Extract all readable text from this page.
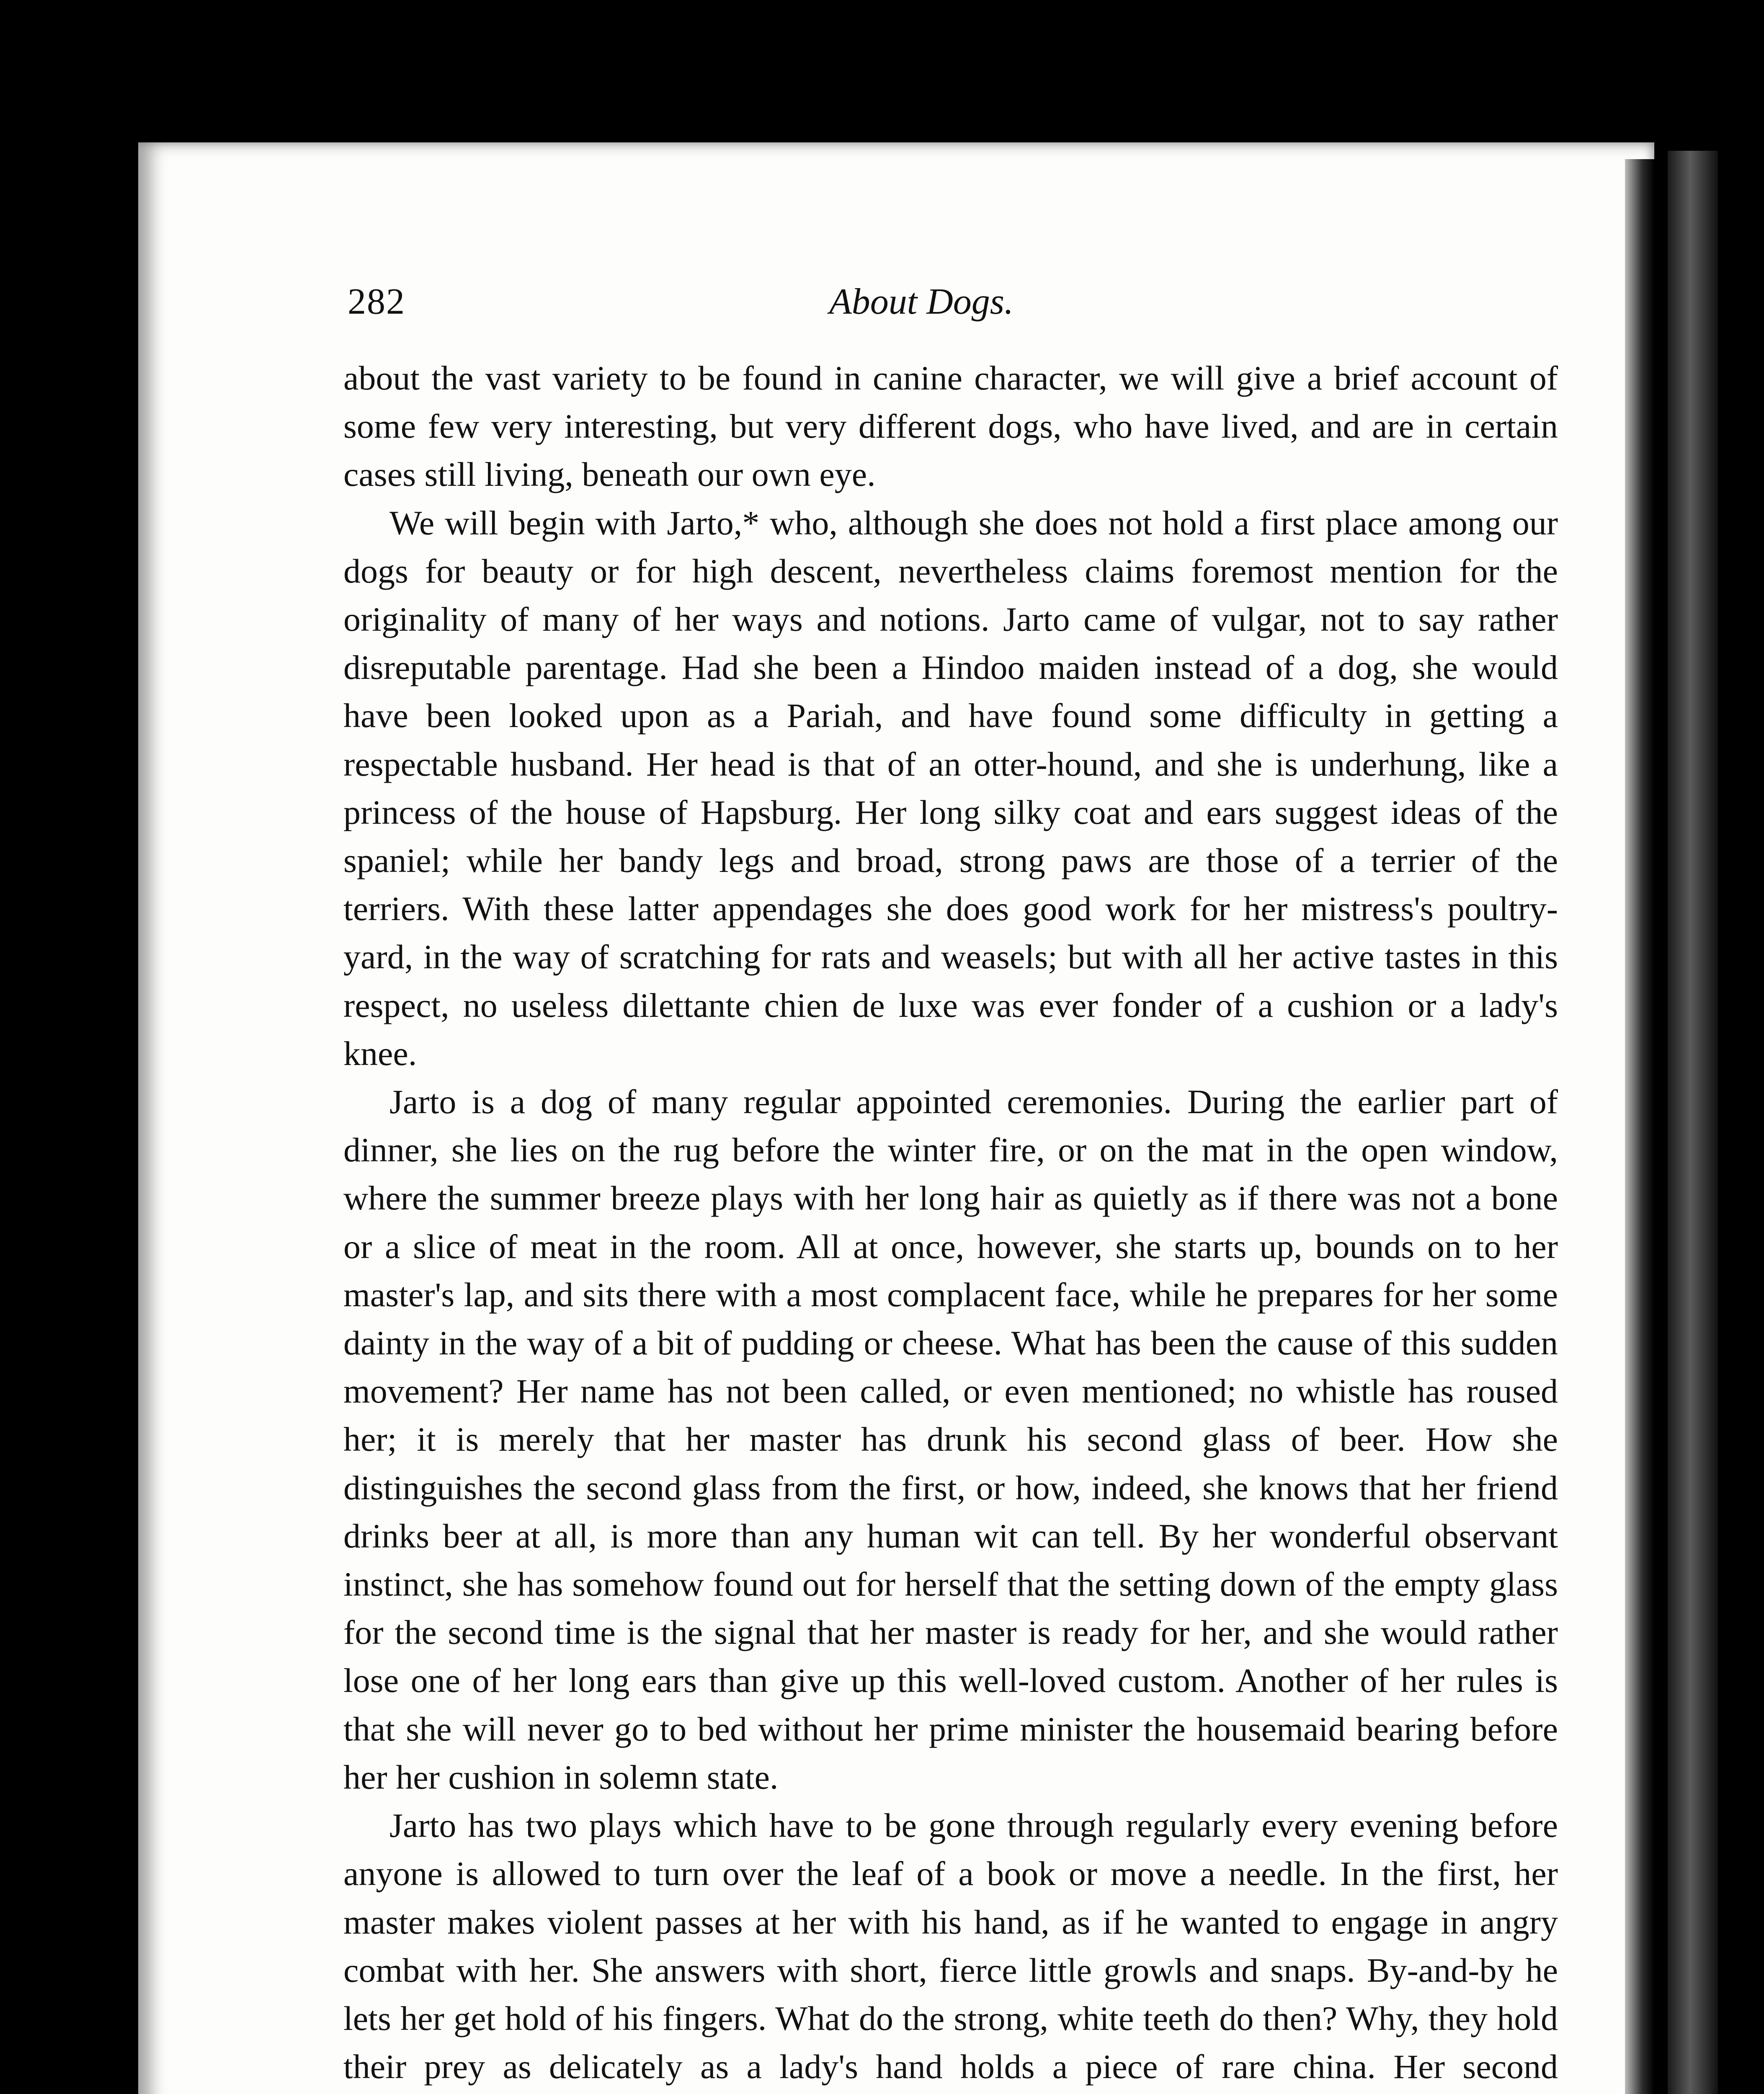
282	About Dogs.

about the vast variety to be found in canine character, we will give a brief account of some few very interesting, but very different dogs, who have lived, and are in certain cases still living, beneath our own eye.

We will begin with Jarto,* who, although she does not hold a first place among our dogs for beauty or for high descent, nevertheless claims foremost mention for the originality of many of her ways and notions. Jarto came of vulgar, not to say rather disreputable parentage. Had she been a Hindoo maiden instead of a dog, she would have been looked upon as a Pariah, and have found some difficulty in getting a respectable husband. Her head is that of an otter-hound, and she is underhung, like a princess of the house of Hapsburg. Her long silky coat and ears suggest ideas of the spaniel; while her bandy legs and broad, strong paws are those of a terrier of the terriers. With these latter appendages she does good work for her mistress's poultry-yard, in the way of scratching for rats and weasels; but with all her active tastes in this respect, no useless dilettante chien de luxe was ever fonder of a cushion or a lady's knee.

Jarto is a dog of many regular appointed ceremonies. During the earlier part of dinner, she lies on the rug before the winter fire, or on the mat in the open window, where the summer breeze plays with her long hair as quietly as if there was not a bone or a slice of meat in the room. All at once, however, she starts up, bounds on to her master's lap, and sits there with a most complacent face, while he prepares for her some dainty in the way of a bit of pudding or cheese. What has been the cause of this sudden movement? Her name has not been called, or even mentioned; no whistle has roused her; it is merely that her master has drunk his second glass of beer. How she distinguishes the second glass from the first, or how, indeed, she knows that her friend drinks beer at all, is more than any human wit can tell. By her wonderful observant instinct, she has somehow found out for herself that the setting down of the empty glass for the second time is the signal that her master is ready for her, and she would rather lose one of her long ears than give up this well-loved custom. Another of her rules is that she will never go to bed without her prime minister the housemaid bearing before her her cushion in solemn state.

Jarto has two plays which have to be gone through regularly every evening before anyone is allowed to turn over the leaf of a book or move a needle. In the first, her master makes violent passes at her with his hand, as if he wanted to engage in angry combat with her. She answers with short, fierce little growls and snaps. By-and-by he lets her get hold of his fingers. What do the strong, white teeth do then? Why, they hold their prey as delicately as a lady's hand holds a piece of rare china. Her second
